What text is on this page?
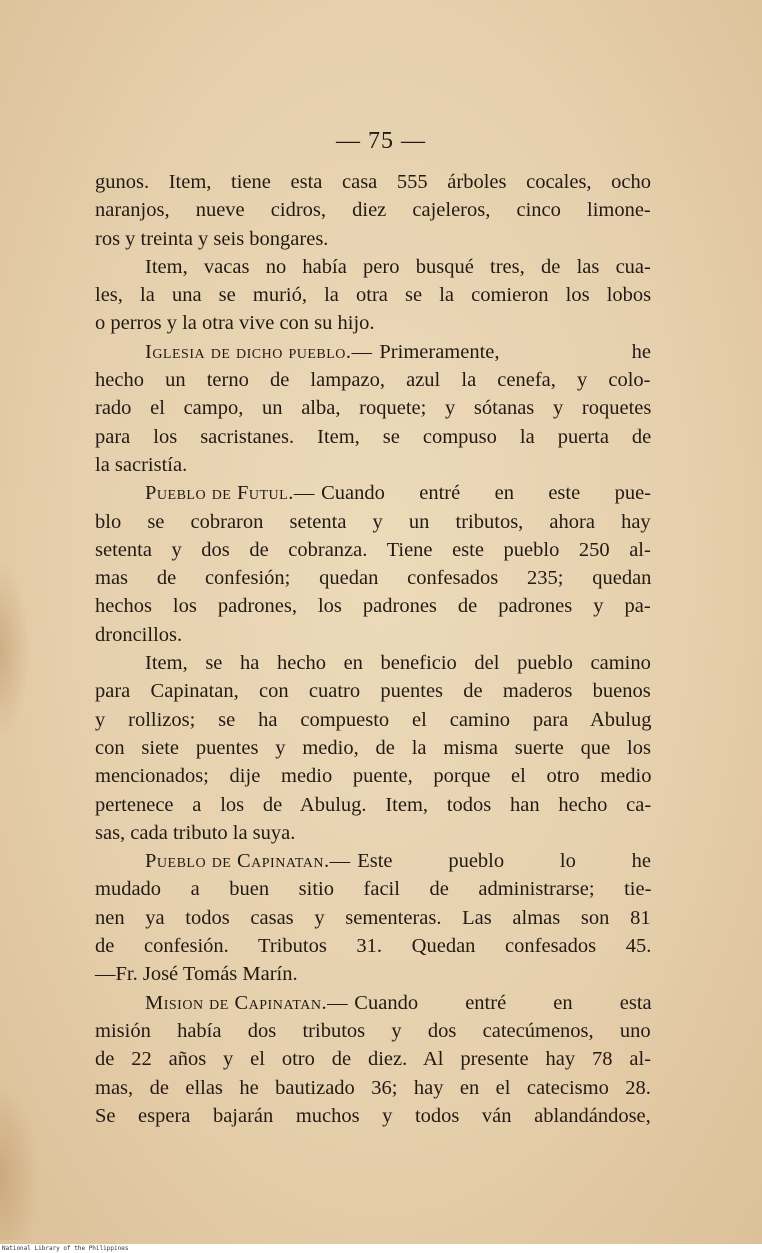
— 75 —
gunos. Item, tiene esta casa 555 árboles cocales, ocho
naranjos, nueve cidros, diez cajeleros, cinco limone-
ros y treinta y seis bongares.
Item, vacas no había pero busqué tres, de las cua-
les, la una se murió, la otra se la comieron los lobos
o perros y la otra vive con su hijo.
Iglesia de dicho pueblo.— Primeramente, he
hecho un terno de lampazo, azul la cenefa, y colo-
rado el campo, un alba, roquete; y sótanas y roquetes
para los sacristanes. Item, se compuso la puerta de
la sacristía.
Pueblo de Futul.— Cuando entré en este pue-
blo se cobraron setenta y un tributos, ahora hay
setenta y dos de cobranza. Tiene este pueblo 250 al-
mas de confesión; quedan confesados 235; quedan
hechos los padrones, los padrones de padrones y pa-
droncillos.
Item, se ha hecho en beneficio del pueblo camino
para Capinatan, con cuatro puentes de maderos buenos
y rollizos; se ha compuesto el camino para Abulug
con siete puentes y medio, de la misma suerte que los
mencionados; dije medio puente, porque el otro medio
pertenece a los de Abulug. Item, todos han hecho ca-
sas, cada tributo la suya.
Pueblo de Capinatan.— Este pueblo lo he
mudado a buen sitio facil de administrarse; tie-
nen ya todos casas y sementeras. Las almas son 81
de confesión. Tributos 31. Quedan confesados 45.
—Fr. José Tomás Marín.
Mision de Capinatan.— Cuando entré en esta
misión había dos tributos y dos catecúmenos, uno
de 22 años y el otro de diez. Al presente hay 78 al-
mas, de ellas he bautizado 36; hay en el catecismo 28.
Se espera bajarán muchos y todos ván ablandándose,
National Library of the Philippines
